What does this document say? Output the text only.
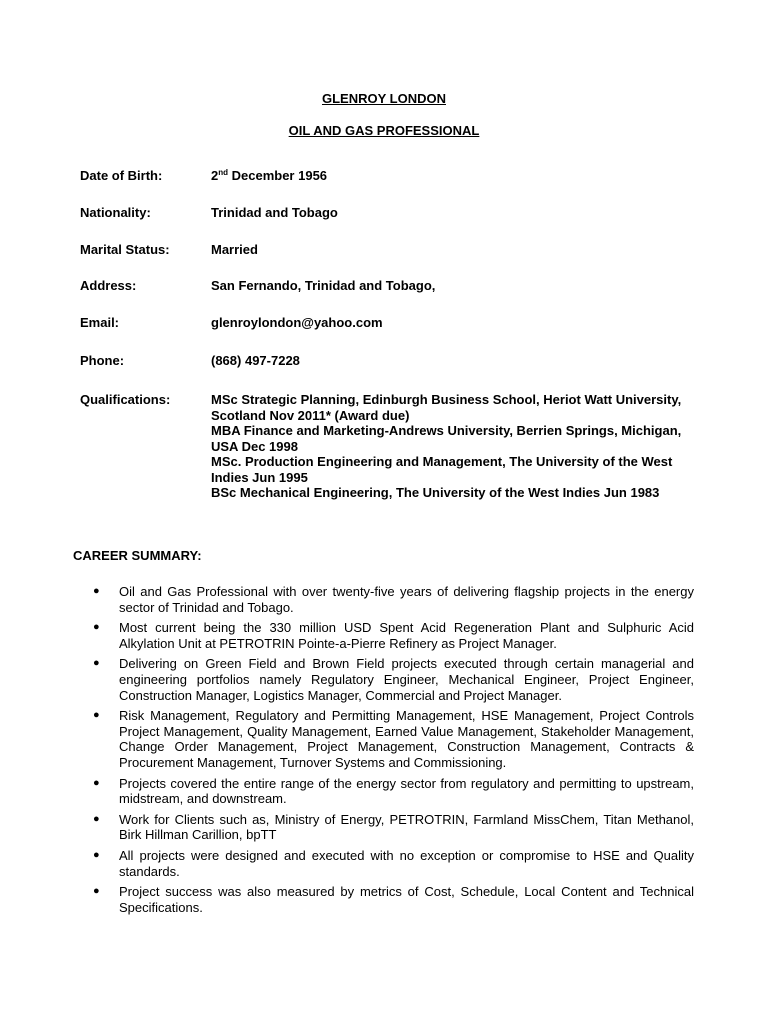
GLENROY LONDON
OIL AND GAS PROFESSIONAL
Date of Birth:	2nd December 1956
Nationality:	Trinidad and Tobago
Marital Status:	Married
Address:	San Fernando, Trinidad and Tobago,
Email:	glenroylondon@yahoo.com
Phone:	(868) 497-7228
Qualifications:	MSc Strategic Planning, Edinburgh Business School, Heriot Watt University, Scotland Nov 2011* (Award due)
MBA Finance and Marketing-Andrews University, Berrien Springs, Michigan, USA Dec 1998
MSc. Production Engineering and Management, The University of the West Indies Jun 1995
BSc Mechanical Engineering, The University of the West Indies Jun 1983
CAREER SUMMARY:
● Oil and Gas Professional with over twenty-five years of delivering flagship projects in the energy sector of Trinidad and Tobago.
● Most current being the 330 million USD Spent Acid Regeneration Plant and Sulphuric Acid Alkylation Unit at PETROTRIN Pointe-a-Pierre Refinery as Project Manager.
● Delivering on Green Field and Brown Field projects executed through certain managerial and engineering portfolios namely Regulatory Engineer, Mechanical Engineer, Project Engineer, Construction Manager, Logistics Manager, Commercial and Project Manager.
● Risk Management, Regulatory and Permitting Management, HSE Management, Project Controls Project Management, Quality Management, Earned Value Management, Stakeholder Management, Change Order Management, Project Management, Construction Management, Contracts & Procurement Management, Turnover Systems and Commissioning.
● Projects covered the entire range of the energy sector from regulatory and permitting to upstream, midstream, and downstream.
● Work for Clients such as, Ministry of Energy, PETROTRIN, Farmland MissChem, Titan Methanol, Birk Hillman Carillion, bpTT
● All projects were designed and executed with no exception or compromise to HSE and Quality standards.
● Project success was also measured by metrics of Cost, Schedule, Local Content and Technical Specifications.
